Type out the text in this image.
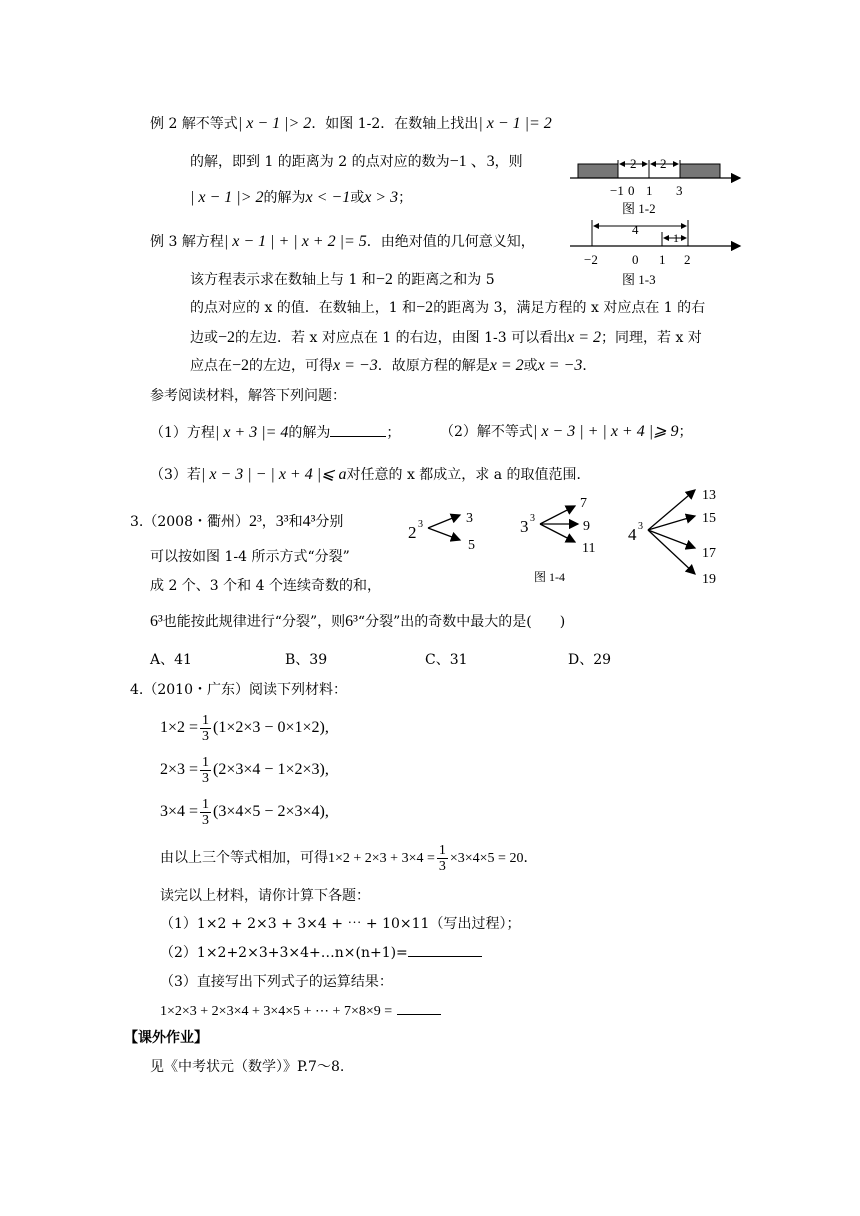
例 2 解不等式| x − 1 |> 2．如图 1-2．在数轴上找出| x − 1 |= 2
的解，即到 1 的距离为 2 的点对应的数为−1 、3，则
| x − 1 |> 2的解为x < −1或x > 3；
2 2
−1 0 1 3
图 1-2
例 3 解方程| x − 1 | + | x + 2 |= 5．由绝对值的几何意义知，
该方程表示求在数轴上与 1 和−2 的距离之和为 5
的点对应的 x 的值．在数轴上，1 和−2的距离为 3，满足方程的 x 对应点在 1 的右
边或−2的左边．若 x 对应点在 1 的右边，由图 1-3 可以看出x = 2；同理，若 x 对
应点在−2的左边，可得x = −3．故原方程的解是x = 2或x = −3．
4
1
−2	0 1 2
图 1-3
参考阅读材料，解答下列问题：
（1）方程| x + 3 |= 4的解为	；	（2）解不等式| x − 3 | + | x + 4 |⩾ 9；
（3）若| x − 3 | − | x + 4 |⩽ a对任意的 x 都成立，求 a 的取值范围．
3.（2008・衢州）2³，3³和4³分别
可以按如图 1-4 所示方式“分裂”
成 2 个、3 个和 4 个连续奇数的和，
6³也能按此规律进行“分裂”，则6³“分裂”出的奇数中最大的是(　　)
A、41	B、39	C、31	D、29
2 3	3
5
3 3
7
9
11
4 3
13
15
17
19
图 1-4
4.（2010・广东）阅读下列材料：
$1\times 2 = \frac{1}{3} (1\times 2\times 3 - 0\times 1\times 2)$,
$2\times 3 = \frac{1}{3} (2\times 3\times 4 - 1\times 2\times 3)$,
$3\times 4 = \frac{1}{3} (3\times 4\times 5 - 2\times 3\times 4)$,
由以上三个等式相加，可得$1\times 2 + 2\times 3 + 3\times 4 = \frac{1}{3} \times 3\times 4\times 5 = 20$．
读完以上材料，请你计算下各题：
（1）1×2 + 2×3 + 3×4 + ⋯ + 10×11（写出过程）；
（2）1×2+2×3+3×4+…n×(n+1)=
（3）直接写出下列式子的运算结果：
1×2×3 + 2×3×4 + 3×4×5 + ⋯ + 7×8×9 =
【课外作业】
见《中考状元（数学）》P.7～8.
